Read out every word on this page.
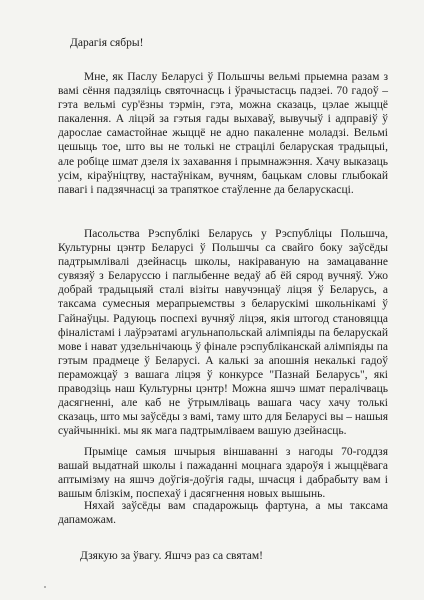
Дарагія сябры!

Мне, як Паслу Беларусі ў Польшчы вельмі прыемна разам з вамі сёння падзяліць святочнасць і ўрачыстасць падзеі. 70 гадоў – гэта вельмі сур'ёзны тэрмін, гэта, можна сказаць, цэлае жыццё пакалення. А ліцэй за гэтыя гады выхаваў, вывучыў і адправіў ў дарослае самастойнае жыццё не адно пакаленне моладзі. Вельмі цешыць тое, што вы не толькі не страцілі беларуская традыцыі, але робіце шмат дзеля іх захавання і прымнажэння. Хачу выказаць усім, кіраўніцтву, настаўнікам, вучням, бацькам словы глыбокай павагі і падзячнасці за трапяткое стаўленне да беларускасці.

Пасольства Рэспублікі Беларусь у Рэспубліцы Польшча, Культурны цэнтр Беларусі ў Польшчы са свайго боку заўсёды падтрымлівалі дзейнасць школы, накіраваную на замацаванне сувязяў з Беларуссю і паглыбенне ведаў аб ёй сярод вучняў. Ужо добрай традыцыяй сталі візіты навучэнцаў ліцэя ў Беларусь, а таксама сумесныя мерапрыемствы з беларускімі школьнікамі ў Гайнаўцы. Радуюць поспехі вучняў ліцэя, якія штогод становяцца фіналістамі і лаўрэатамі агульнапольскай алімпіяды па беларускай мове і нават удзельнічаюць ў фінале рэспубліканскай алімпіяды па гэтым прадмеце ў Беларусі. А калькі за апошнія некалькі гадоў пераможцаў з вашага ліцэя ў конкурсе "Пазнай Беларусь", які праводзіць наш Культурны цэнтр! Можна яшчэ шмат пералічваць дасягненні, але каб не ўтрымліваць вашага часу хачу толькі сказаць, што мы заўсёды з вамі, таму што для Беларусі вы – нашыя суайчыннікі. мы як мага падтрымліваем вашую дзейнасць.

Прыміце самыя шчырыя віншаванні з нагоды 70-годдзя вашай выдатнай школы і пажаданні моцнага здароўя і жыццёвага аптымізму на яшчэ доўгія-доўгія гады, шчасця і дабрабыту вам і вашым блізкім, поспехаў і дасягнення новых вышынь.

Няхай заўсёды вам спадарожыць фартуна, а мы таксама дапаможам.

Дзякую за ўвагу. Яшчэ раз са святам!
